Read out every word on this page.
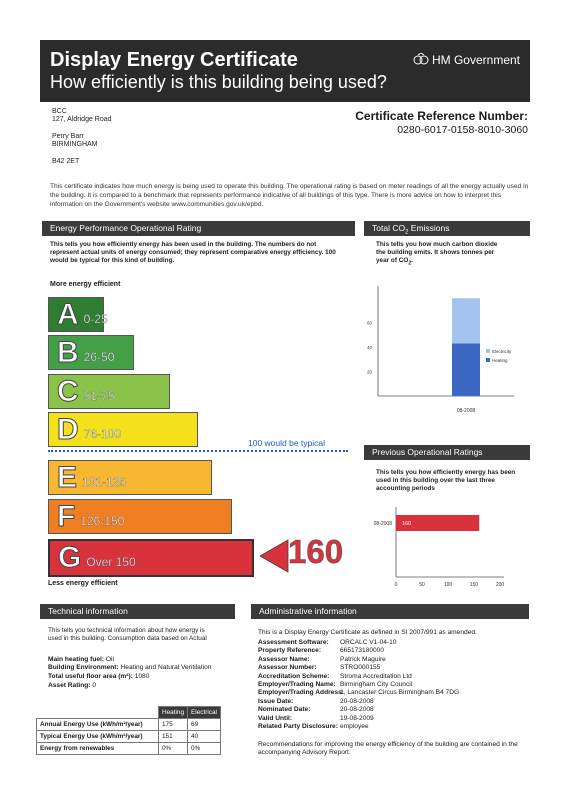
Display Energy Certificate
How efficiently is this building being used?
HM Government
BCC
127, Aldridge Road
Perry Barr
BIRMINGHAM
B42 2ET
Certificate Reference Number:
0280-6017-0158-8010-3060
This certificate indicates how much energy is being used to operate this building. The operational rating is based on meter readings of all the energy actually used in the building. It is compared to a benchmark that represents performance indicative of all buildings of this type. There is more advice on how to interpret this information on the Government's website www.communities.gov.uk/epbd.
Energy Performance Operational Rating
This tells you how efficiently energy has been used in the building. The numbers do not represent actual units of energy consumed; they represent comparative energy efficiency. 100 would be typical for this kind of building.
More energy efficient
A 0-25
B 26-50
C 51-75
D 76-100
E 101-125
F 126-150
G Over 150
100 would be typical
160
Less energy efficient
Total $CO_2$ Emissions
This tells you how much carbon dioxide
the building emits. It shows tonnes per
year of $CO_2$.
60
40
20
08-2008
Electricity
Heating
Previous Operational Ratings
This tells you how efficiently energy has been used in this building over the last three accounting periods
0	50	100	150	200
08-2008 160
Technical information
This tells you technical information about how energy is used in this building. Consumption data based on Actual
Main heating fuel: Oil
Building Environment: Heating and Natural Ventilation
Total useful floor area (m²): 1080
Asset Rating: 0
	Heating	Electrical
Annual Energy Use (kWh/m²/year)	175	69
Typical Energy Use (kWh/m²/year)	151	40
Energy from renewables	0%	0%
Administrative information
This is a Display Energy Certificate as defined in SI 2007/991 as amended.
Assessment Software:	ORCALC V1-04-10
Property Reference:	665173180000
Assessor Name:	Patrick Maguire
Assessor Number:	STRO000155
Accreditation Scheme:	Stroma Accreditation Ltd
Employer/Trading Name: Birmingham City Council
Employer/Trading Address:
1, Lancaster Circus Birmingham B4 7DG
Issue Date:	20-08-2008
Nominated Date:	20-08-2008
Valid Until:	19-08-2009
Related Party Disclosure: employee
Recommendations for improving the energy efficiency of the building are contained in the accompanying Advisory Report.
